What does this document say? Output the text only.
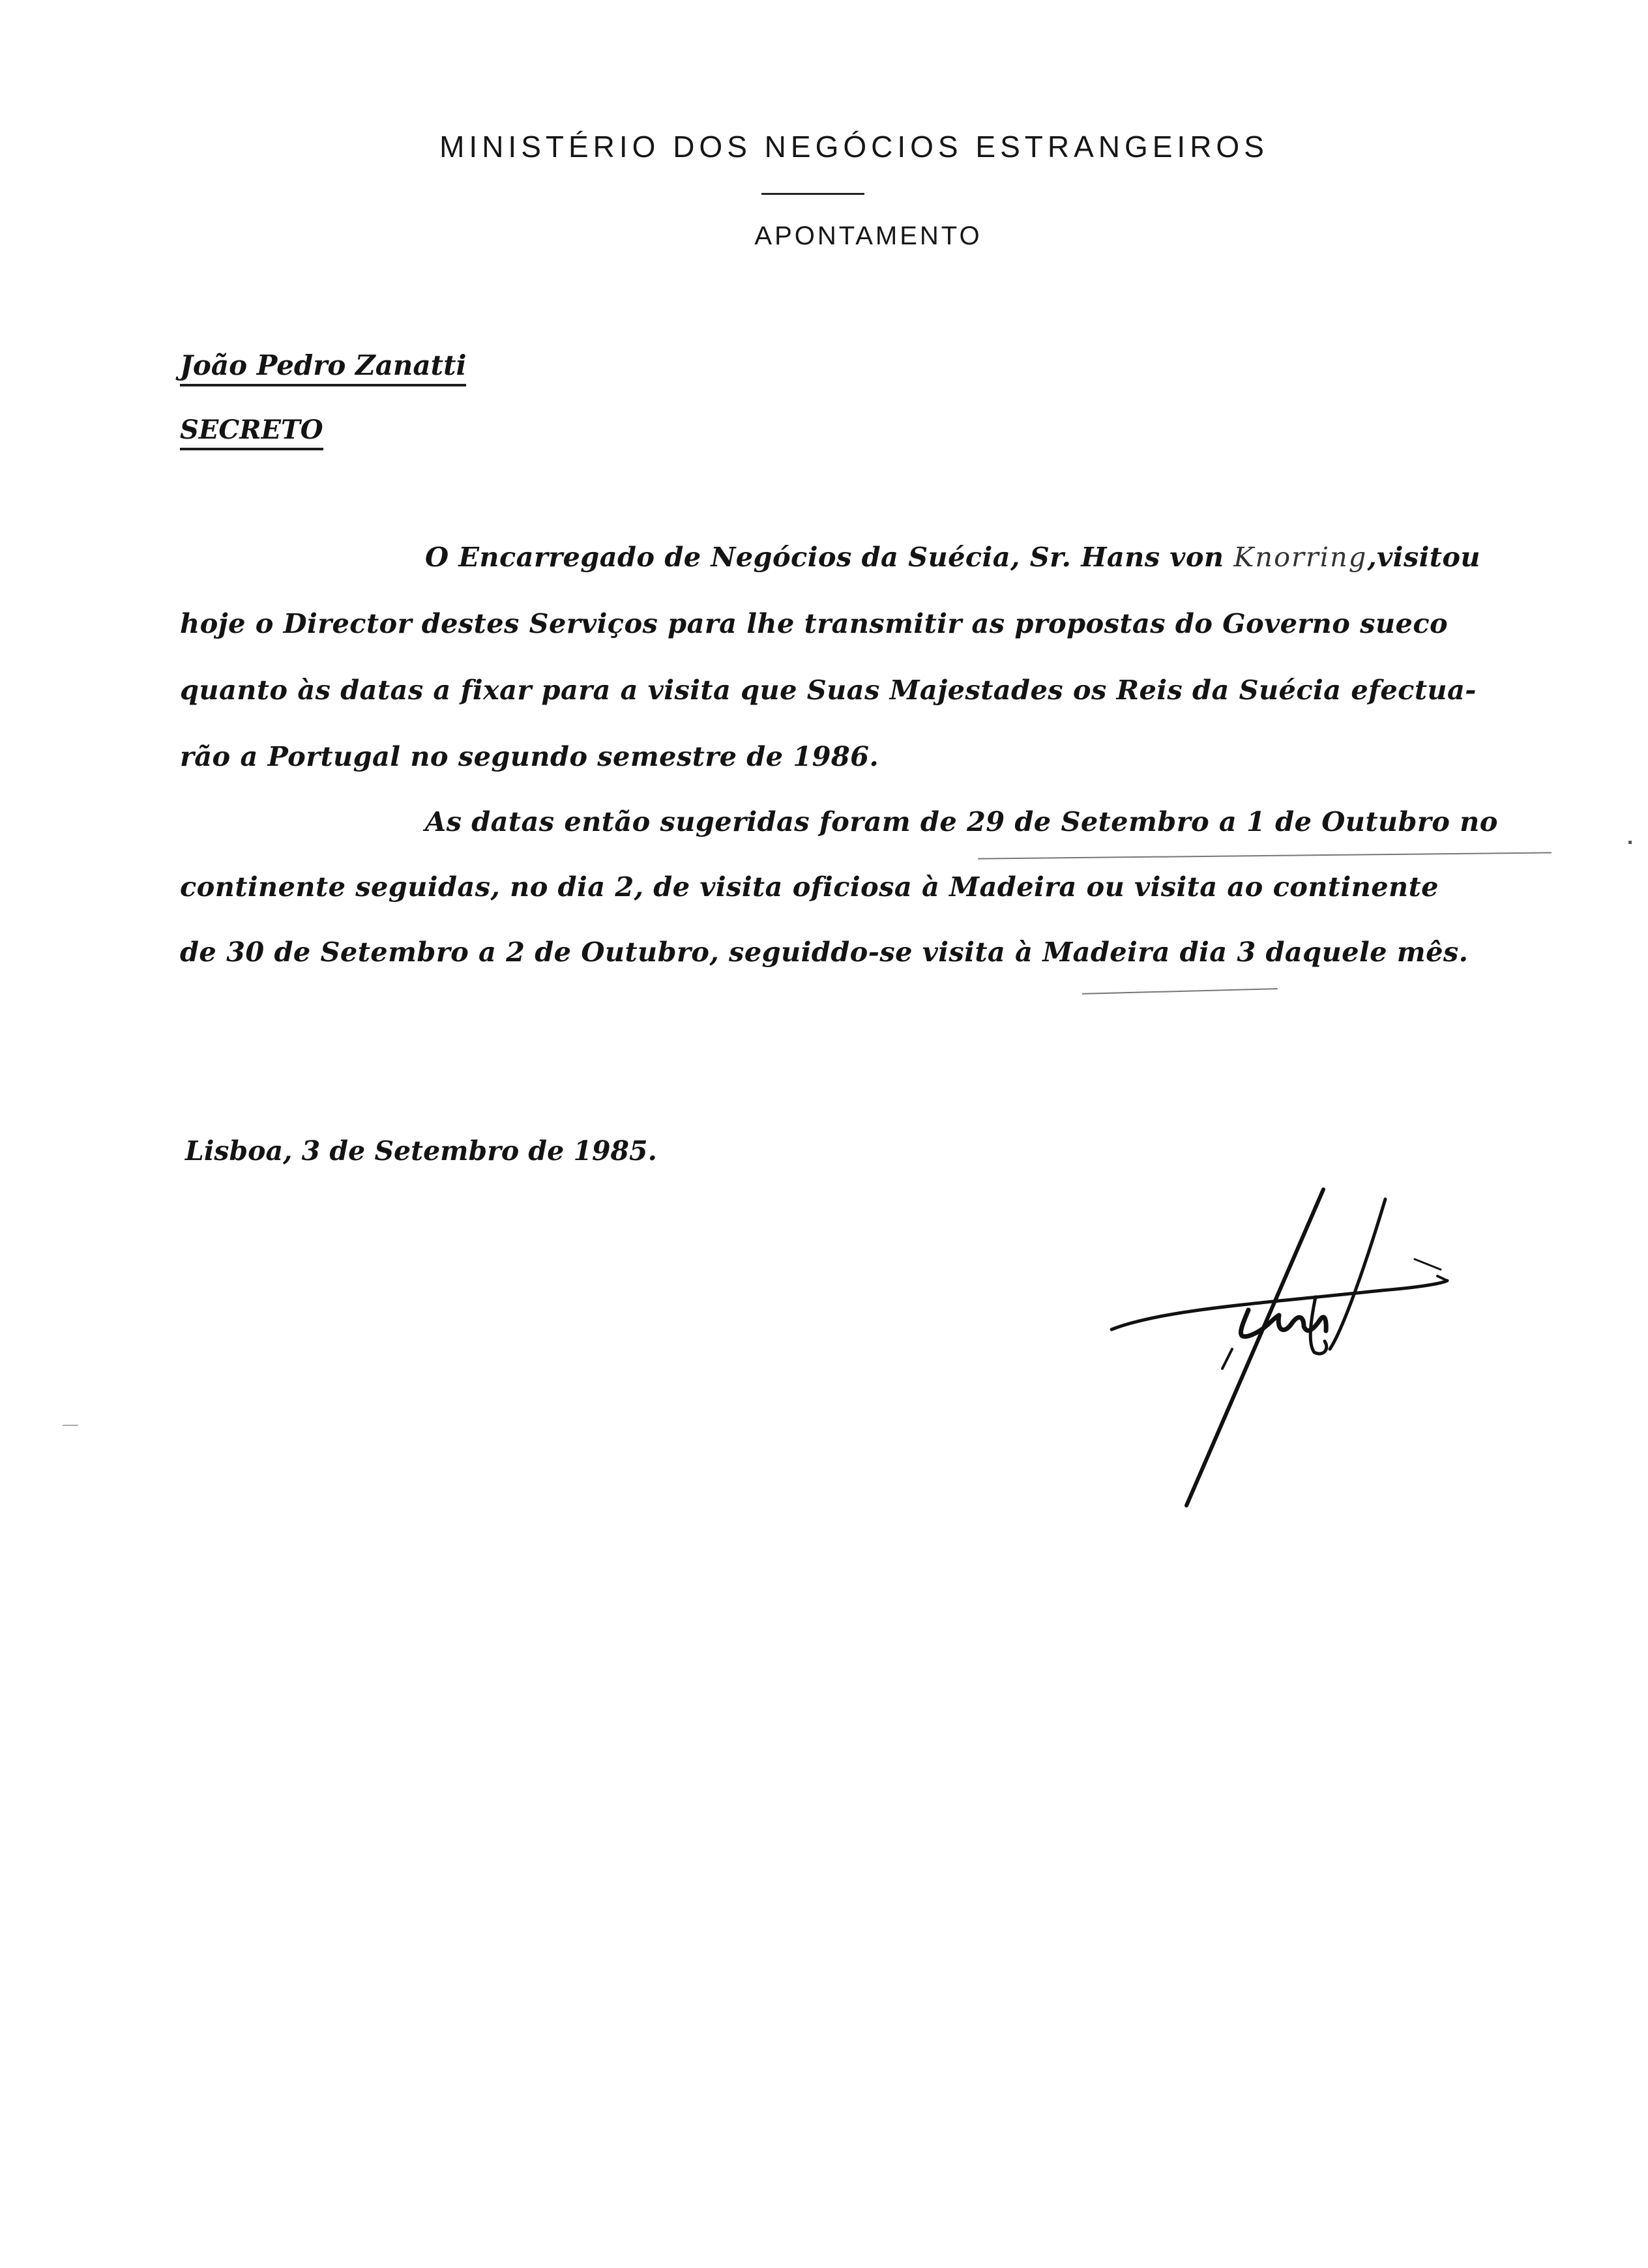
MINISTÉRIO DOS NEGÓCIOS ESTRANGEIROS
APONTAMENTO
João Pedro Zanatti
SECRETO
O Encarregado de Negócios da Suécia, Sr. Hans von Knorring,visitou
hoje o Director destes Serviços para lhe transmitir as propostas do Governo sueco
quanto às datas a fixar para a visita que Suas Majestades os Reis da Suécia efectua-
rão a Portugal no segundo semestre de 1986.
As datas então sugeridas foram de 29 de Setembro a 1 de Outubro no
continente seguidas, no dia 2, de visita oficiosa à Madeira ou visita ao continente
de 30 de Setembro a 2 de Outubro, seguiddo-se visita à Madeira dia 3 daquele mês.
Lisboa, 3 de Setembro de 1985.
